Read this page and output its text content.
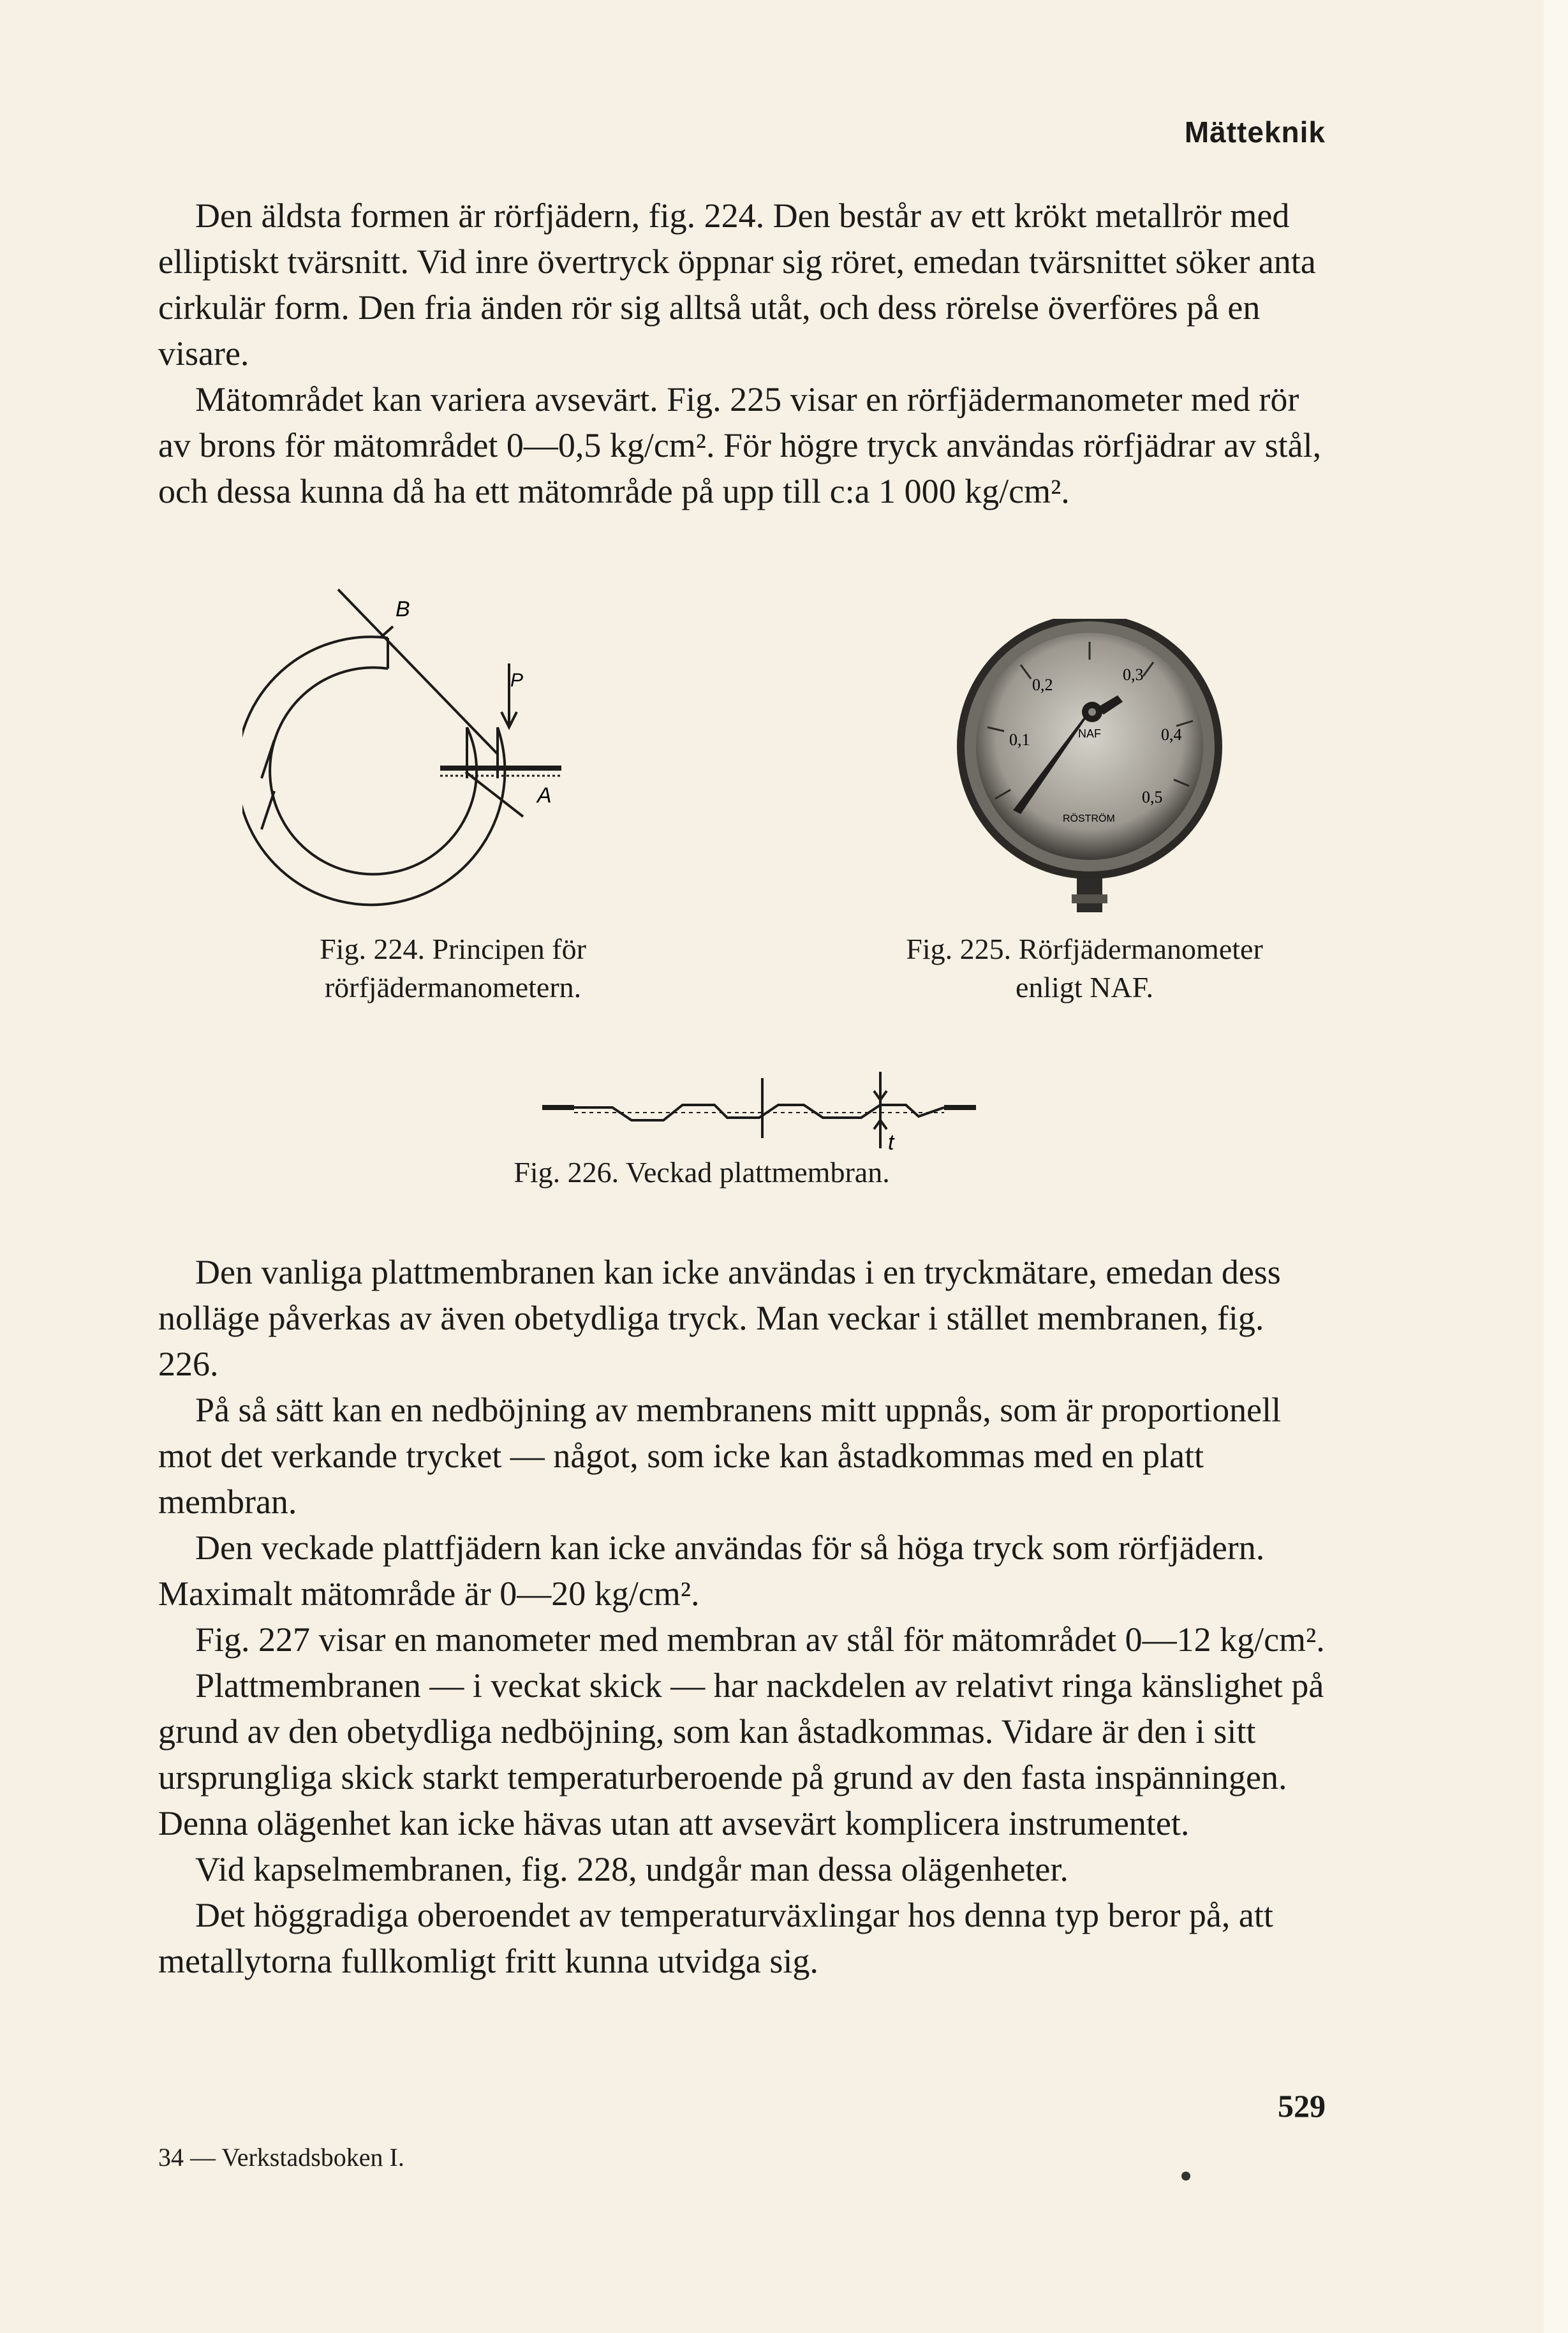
Mätteknik

Den äldsta formen är rörfjädern, fig. 224. Den består av ett krökt metallrör med elliptiskt tvärsnitt. Vid inre övertryck öppnar sig röret, emedan tvärsnittet söker anta cirkulär form. Den fria änden rör sig alltså utåt, och dess rörelse överföres på en visare.

Mätområdet kan variera avsevärt. Fig. 225 visar en rörfjädermanometer med rör av brons för mätområdet 0—0,5 kg/cm². För högre tryck användas rörfjädrar av stål, och dessa kunna då ha ett mätområde på upp till c:a 1 000 kg/cm².

B
P
A
Fig. 224. Principen för rörfjädermanometern.
0,1
0,2
0,3
0,4
0,5
NAF
RÖSTRÖM
Fig. 225. Rörfjädermanometer enligt NAF.
t
Fig. 226. Veckad plattmembran.

Den vanliga plattmembranen kan icke användas i en tryckmätare, emedan dess nolläge påverkas av även obetydliga tryck. Man veckar i stället membranen, fig. 226.

På så sätt kan en nedböjning av membranens mitt uppnås, som är proportionell mot det verkande trycket — något, som icke kan åstadkommas med en platt membran.

Den veckade plattfjädern kan icke användas för så höga tryck som rörfjädern. Maximalt mätområde är 0—20 kg/cm².

Fig. 227 visar en manometer med membran av stål för mätområdet 0—12 kg/cm².

Plattmembranen — i veckat skick — har nackdelen av relativt ringa känslighet på grund av den obetydliga nedböjning, som kan åstadkommas. Vidare är den i sitt ursprungliga skick starkt temperaturberoende på grund av den fasta inspänningen. Denna olägenhet kan icke hävas utan att avsevärt komplicera instrumentet.

Vid kapselmembranen, fig. 228, undgår man dessa olägenheter.

Det höggradiga oberoendet av temperaturväxlingar hos denna typ beror på, att metallytorna fullkomligt fritt kunna utvidga sig.

529
34 — Verkstadsboken I.
